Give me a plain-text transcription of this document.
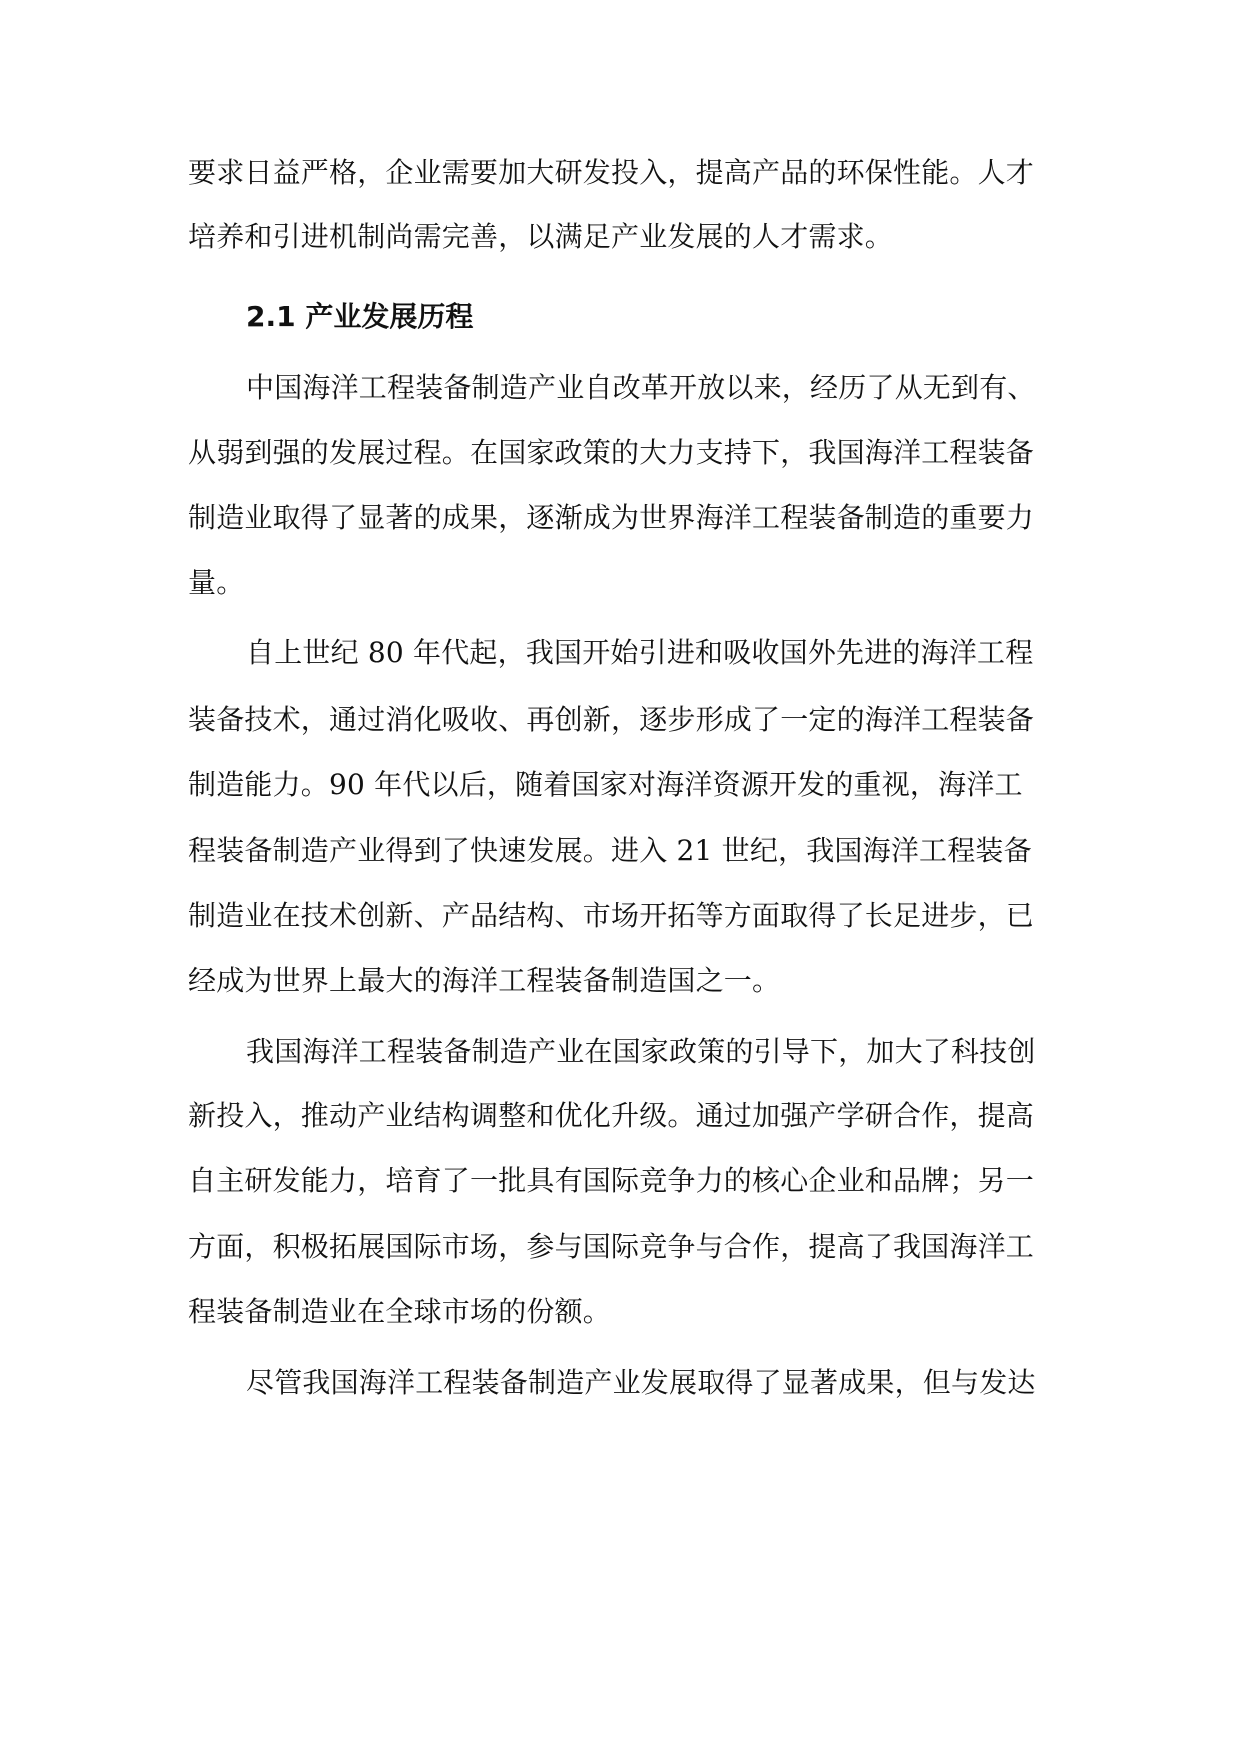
要求日益严格，企业需要加大研发投入，提高产品的环保性能。人才
培养和引进机制尚需完善，以满足产业发展的人才需求。
2.1 产业发展历程
中国海洋工程装备制造产业自改革开放以来，经历了从无到有、
从弱到强的发展过程。在国家政策的大力支持下，我国海洋工程装备
制造业取得了显著的成果，逐渐成为世界海洋工程装备制造的重要力
量。
自上世纪 80 年代起，我国开始引进和吸收国外先进的海洋工程
装备技术，通过消化吸收、再创新，逐步形成了一定的海洋工程装备
制造能力。90 年代以后，随着国家对海洋资源开发的重视，海洋工
程装备制造产业得到了快速发展。进入 21 世纪，我国海洋工程装备
制造业在技术创新、产品结构、市场开拓等方面取得了长足进步，已
经成为世界上最大的海洋工程装备制造国之一。
我国海洋工程装备制造产业在国家政策的引导下，加大了科技创
新投入，推动产业结构调整和优化升级。通过加强产学研合作，提高
自主研发能力，培育了一批具有国际竞争力的核心企业和品牌；另一
方面，积极拓展国际市场，参与国际竞争与合作，提高了我国海洋工
程装备制造业在全球市场的份额。
尽管我国海洋工程装备制造产业发展取得了显著成果，但与发达
